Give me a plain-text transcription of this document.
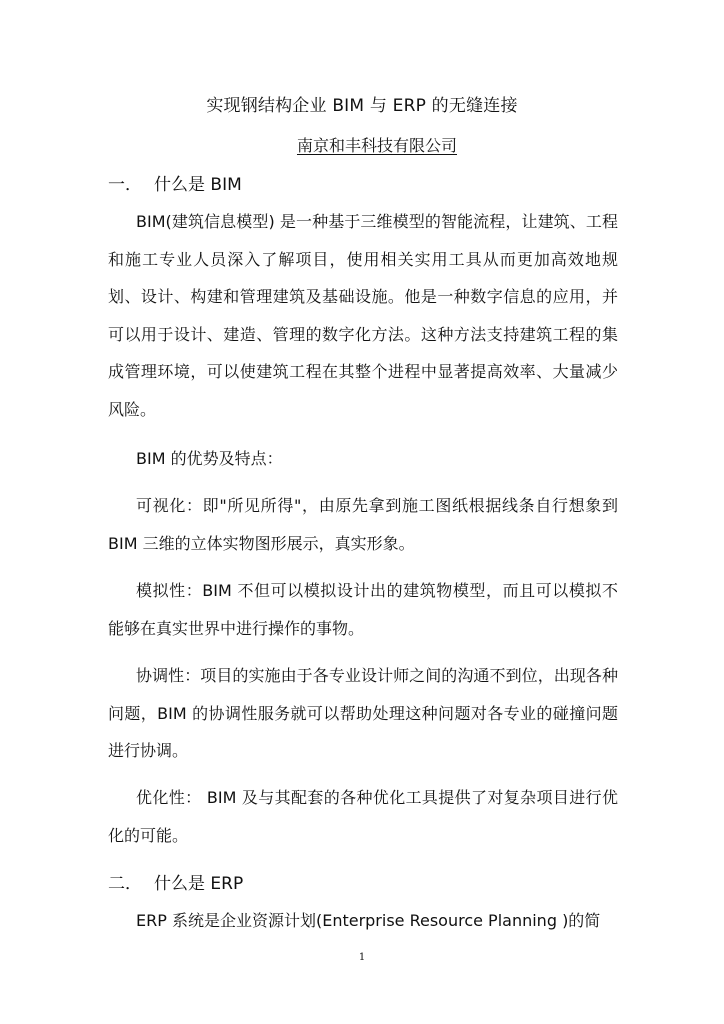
实现钢结构企业 BIM 与 ERP 的无缝连接
南京和丰科技有限公司
一． 什么是 BIM

BIM(建筑信息模型) 是一种基于三维模型的智能流程，让建筑、工程和施工专业人员深入了解项目，使用相关实用工具从而更加高效地规划、设计、构建和管理建筑及基础设施。他是一种数字信息的应用，并可以用于设计、建造、管理的数字化方法。这种方法支持建筑工程的集成管理环境，可以使建筑工程在其整个进程中显著提高效率、大量减少风险。

BIM 的优势及特点：

可视化：即"所见所得"，由原先拿到施工图纸根据线条自行想象到 BIM 三维的立体实物图形展示，真实形象。

模拟性：BIM 不但可以模拟设计出的建筑物模型，而且可以模拟不能够在真实世界中进行操作的事物。

协调性：项目的实施由于各专业设计师之间的沟通不到位，出现各种问题，BIM 的协调性服务就可以帮助处理这种问题对各专业的碰撞问题进行协调。

优化性： BIM 及与其配套的各种优化工具提供了对复杂项目进行优化的可能。

二． 什么是 ERP

ERP 系统是企业资源计划(Enterprise Resource Planning )的简

1
